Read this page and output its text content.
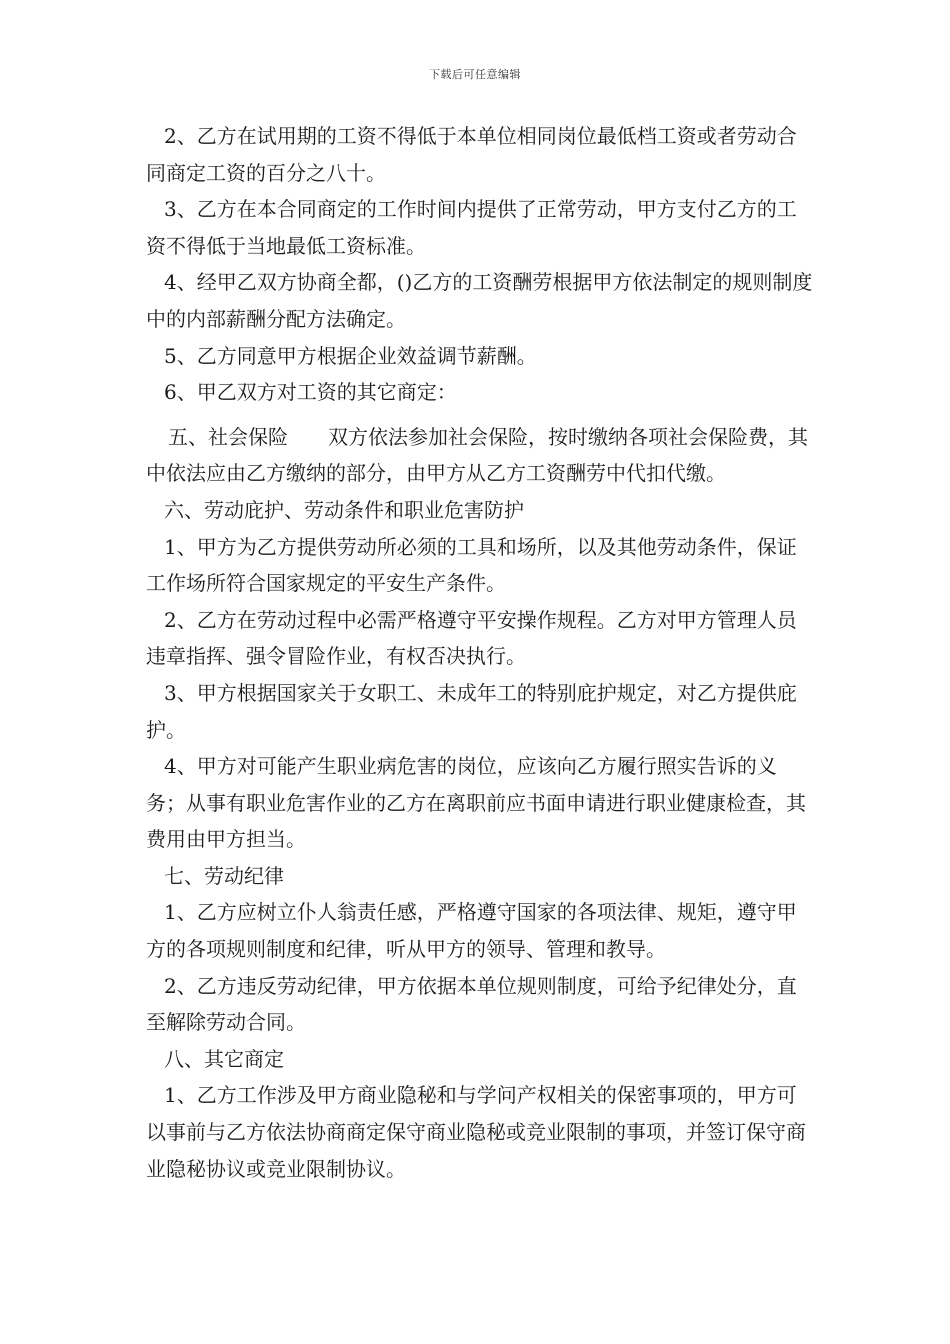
下载后可任意编辑

2、乙方在试用期的工资不得低于本单位相同岗位最低档工资或者劳动合同商定工资的百分之八十。

3、乙方在本合同商定的工作时间内提供了正常劳动，甲方支付乙方的工资不得低于当地最低工资标准。

4、经甲乙双方协商全都，()乙方的工资酬劳根据甲方依法制定的规则制度中的内部薪酬分配方法确定。

5、乙方同意甲方根据企业效益调节薪酬。

6、甲乙双方对工资的其它商定：

五、社会保险　　双方依法参加社会保险，按时缴纳各项社会保险费，其中依法应由乙方缴纳的部分，由甲方从乙方工资酬劳中代扣代缴。

六、劳动庇护、劳动条件和职业危害防护

1、甲方为乙方提供劳动所必须的工具和场所，以及其他劳动条件，保证工作场所符合国家规定的平安生产条件。

2、乙方在劳动过程中必需严格遵守平安操作规程。乙方对甲方管理人员违章指挥、强令冒险作业，有权否决执行。

3、甲方根据国家关于女职工、未成年工的特别庇护规定，对乙方提供庇护。

4、甲方对可能产生职业病危害的岗位，应该向乙方履行照实告诉的义务；从事有职业危害作业的乙方在离职前应书面申请进行职业健康检查，其费用由甲方担当。

七、劳动纪律

1、乙方应树立仆人翁责任感，严格遵守国家的各项法律、规矩，遵守甲方的各项规则制度和纪律，听从甲方的领导、管理和教导。

2、乙方违反劳动纪律，甲方依据本单位规则制度，可给予纪律处分，直至解除劳动合同。

八、其它商定

1、乙方工作涉及甲方商业隐秘和与学问产权相关的保密事项的，甲方可以事前与乙方依法协商商定保守商业隐秘或竞业限制的事项，并签订保守商业隐秘协议或竞业限制协议。
